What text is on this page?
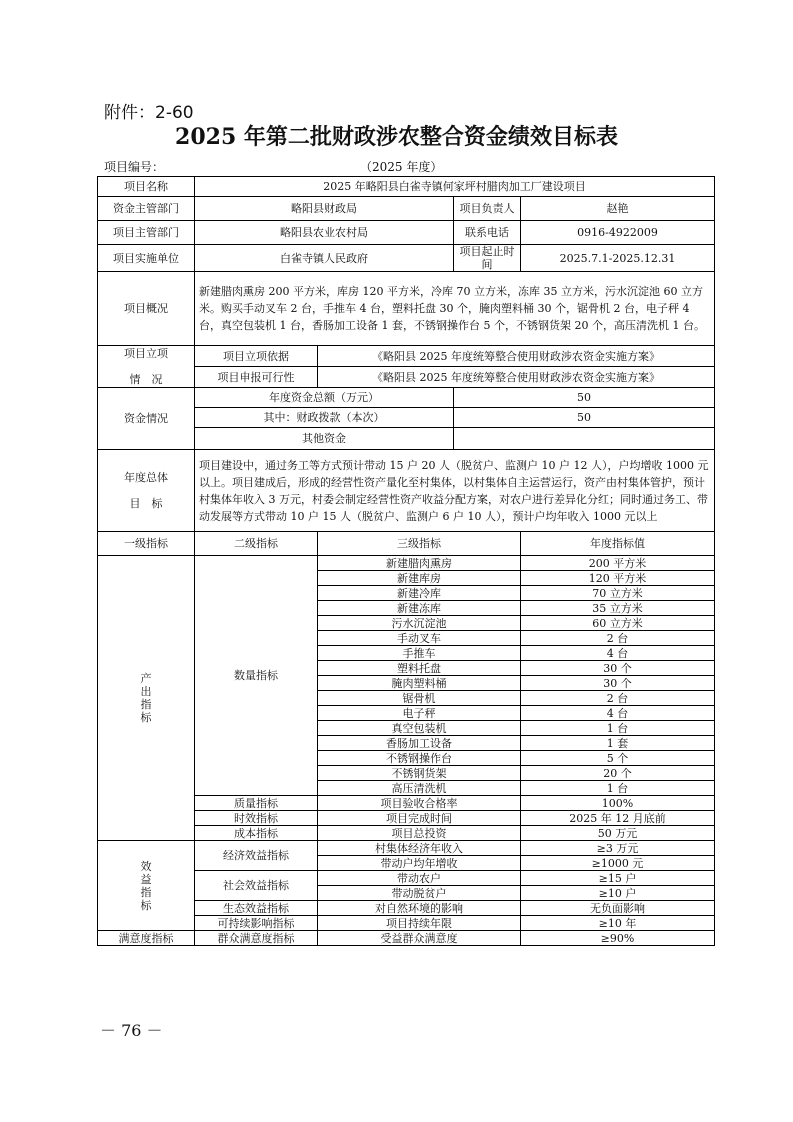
附件：2-60
2025 年第二批财政涉农整合资金绩效目标表
项目编号：	（2025 年度）
项目名称	2025 年略阳县白雀寺镇何家坪村腊肉加工厂建设项目			
资金主管部门	略阳县财政局		项目负责人	赵艳
项目主管部门	略阳县农业农村局		联系电话	0916-4922009
项目实施单位	白雀寺镇人民政府		项目起止时间	2025.7.1-2025.12.31
项目概况	新建腊肉熏房 200 平方米，库房 120 平方米，冷库 70 立方米，冻库 35 立方米，污水沉淀池 60 立方米。购买手动叉车 2 台，手推车 4 台，塑料托盘 30 个，腌肉塑料桶 30 个，锯骨机 2 台，电子秤 4 台，真空包装机 1 台，香肠加工设备 1 套，不锈钢操作台 5 个，不锈钢货架 20 个，高压清洗机 1 台。			
项目立项

情　况	项目立项依据	《略阳县 2025 年度统筹整合使用财政涉农资金实施方案》		
	项目申报可行性	《略阳县 2025 年度统筹整合使用财政涉农资金实施方案》		
资金情况	年度资金总额（万元）		50	
	其中：财政拨款（本次）		50	
	其他资金			
年度总体

目　标	项目建设中，通过务工等方式预计带动 15 户 20 人（脱贫户、监测户 10 户 12 人），户均增收 1000 元以上。项目建成后，形成的经营性资产量化至村集体，以村集体自主运营运行，资产由村集体管护，预计村集体年收入 3 万元，村委会制定经营性资产收益分配方案，对农户进行差异化分红；同时通过务工、带动发展等方式带动 10 户 15 人（脱贫户、监测户 6 户 10 人），预计户均年收入 1000 元以上			
一级指标	二级指标	三级指标		年度指标值
产出指标	数量指标	新建腊肉熏房		200 平方米
		新建库房		120 平方米
		新建冷库		70 立方米
		新建冻库		35 立方米
		污水沉淀池		60 立方米
		手动叉车		2 台
		手推车		4 台
		塑料托盘		30 个
		腌肉塑料桶		30 个
		锯骨机		2 台
		电子秤		4 台
		真空包装机		1 台
		香肠加工设备		1 套
		不锈钢操作台		5 个
		不锈钢货架		20 个
		高压清洗机		1 台
	质量指标	项目验收合格率		100%
	时效指标	项目完成时间		2025 年 12 月底前
	成本指标	项目总投资		50 万元
效益指标	经济效益指标	村集体经济年收入		≥3 万元
		带动户均年增收		≥1000 元
	社会效益指标	带动农户		≥15 户
		带动脱贫户		≥10 户
	生态效益指标	对自然环境的影响		无负面影响
	可持续影响指标	项目持续年限		≥10 年
满意度指标	群众满意度指标	受益群众满意度		≥90%
－ 76 －
